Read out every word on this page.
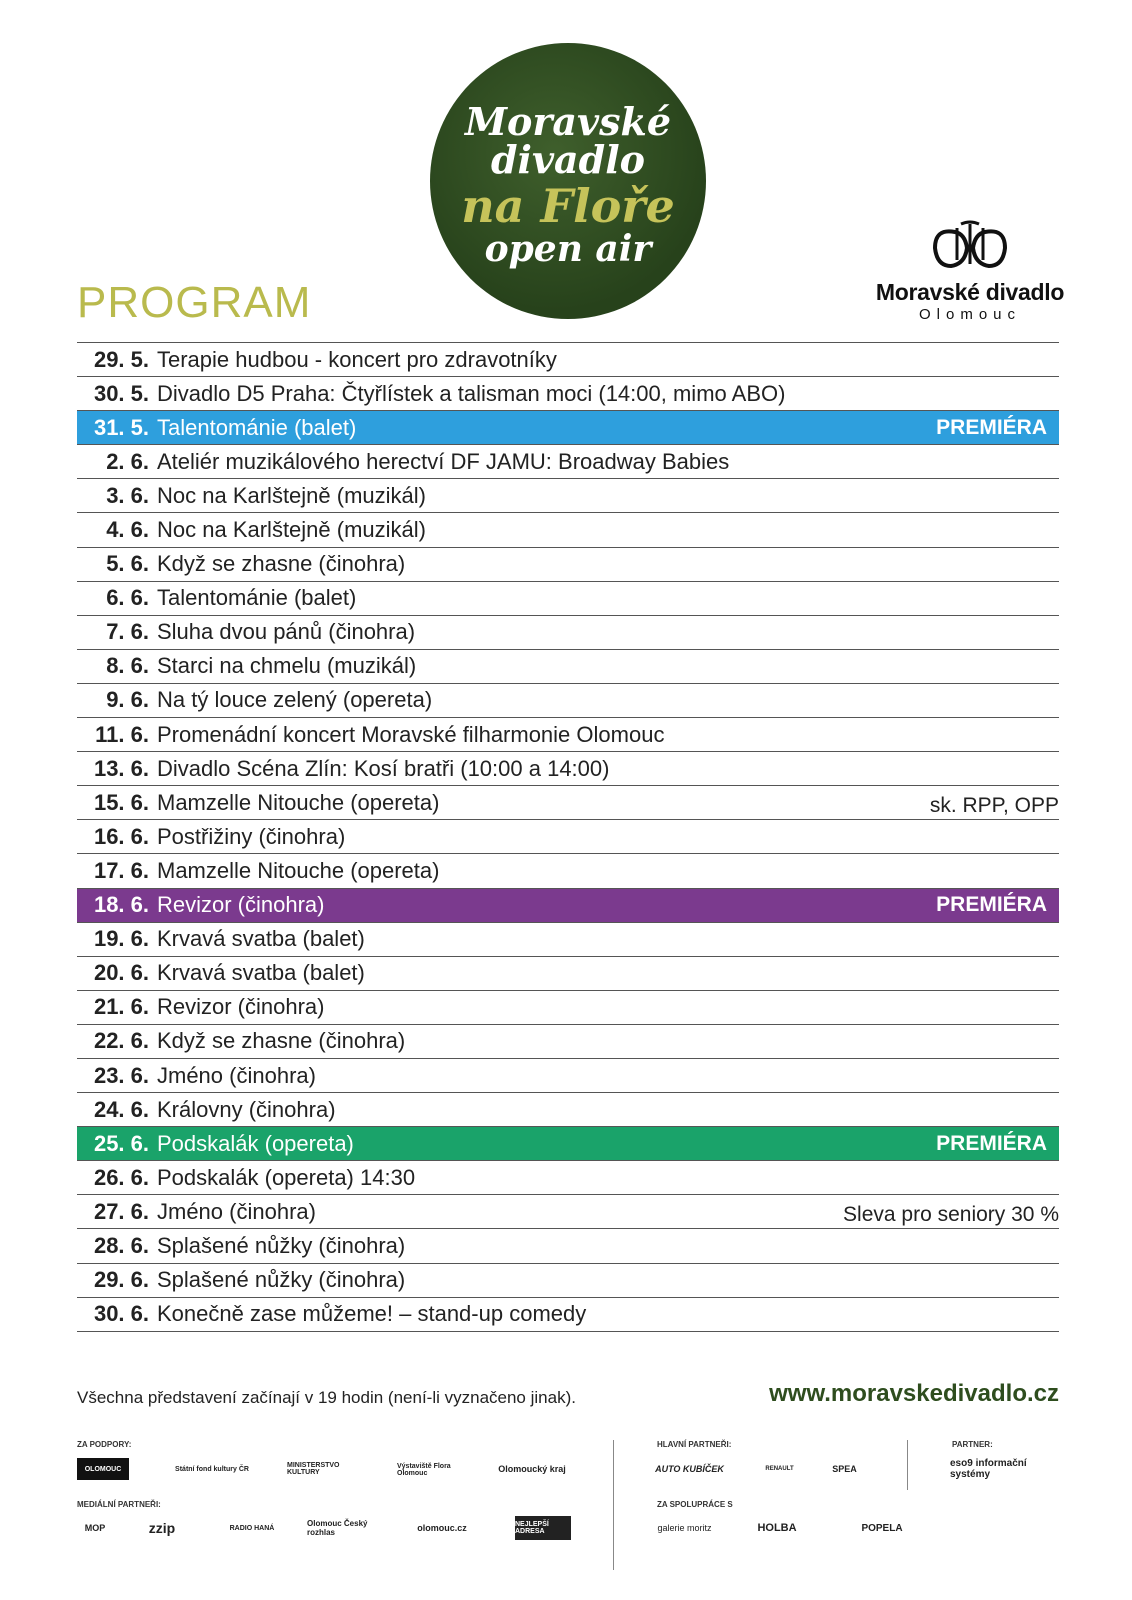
Moravské
divadlo
na Floře
open air
PROGRAM	Moravské divadlo
Olomouc
29. 5. Terapie hudbou - koncert pro zdravotníky
30. 5. Divadlo D5 Praha: Čtyřlístek a talisman moci (14:00, mimo ABO)
31. 5. Talentománie (balet)	PREMIÉRA
2. 6. Ateliér muzikálového herectví DF JAMU: Broadway Babies
3. 6. Noc na Karlštejně (muzikál)
4. 6. Noc na Karlštejně (muzikál)
5. 6. Když se zhasne (činohra)
6. 6. Talentománie (balet)
7. 6. Sluha dvou pánů (činohra)
8. 6. Starci na chmelu (muzikál)
9. 6. Na tý louce zelený (opereta)
11. 6. Promenádní koncert Moravské filharmonie Olomouc
13. 6. Divadlo Scéna Zlín: Kosí bratři (10:00 a 14:00)
15. 6. Mamzelle Nitouche (opereta)	sk. RPP, OPP
16. 6. Postřižiny (činohra)
17. 6. Mamzelle Nitouche (opereta)
18. 6. Revizor (činohra)	PREMIÉRA
19. 6. Krvavá svatba (balet)
20. 6. Krvavá svatba (balet)
21. 6. Revizor (činohra)
22. 6. Když se zhasne (činohra)
23. 6. Jméno (činohra)
24. 6. Královny (činohra)
25. 6. Podskalák (opereta)	PREMIÉRA
26. 6. Podskalák (opereta) 14:30
27. 6. Jméno (činohra)	Sleva pro seniory 30 %
28. 6. Splašené nůžky (činohra)
29. 6. Splašené nůžky (činohra)
30. 6. Konečně zase můžeme! – stand-up comedy
Všechna představení začínají v 19 hodin (není-li vyznačeno jinak).	www.moravskedivadlo.cz
ZA PODPORY:	HLAVNÍ PARTNEŘI:	PARTNER:
MEDIÁLNÍ PARTNEŘI:	ZA SPOLUPRÁCE S
OLOMOUC	Státní fond kultury ČR	MINISTERSTVO KULTURY
Výstaviště Flora Olomouc	Olomoucký kraj	AUTO KUBÍČEK	RENAULT	SPEA	eso9 informační systémy
MOP	zzip	RADIO HANÁ	Olomouc Český rozhlas	olomouc.cz	NEJLEPŠÍ ADRESA	galerie moritz	HOLBA	POPELA
